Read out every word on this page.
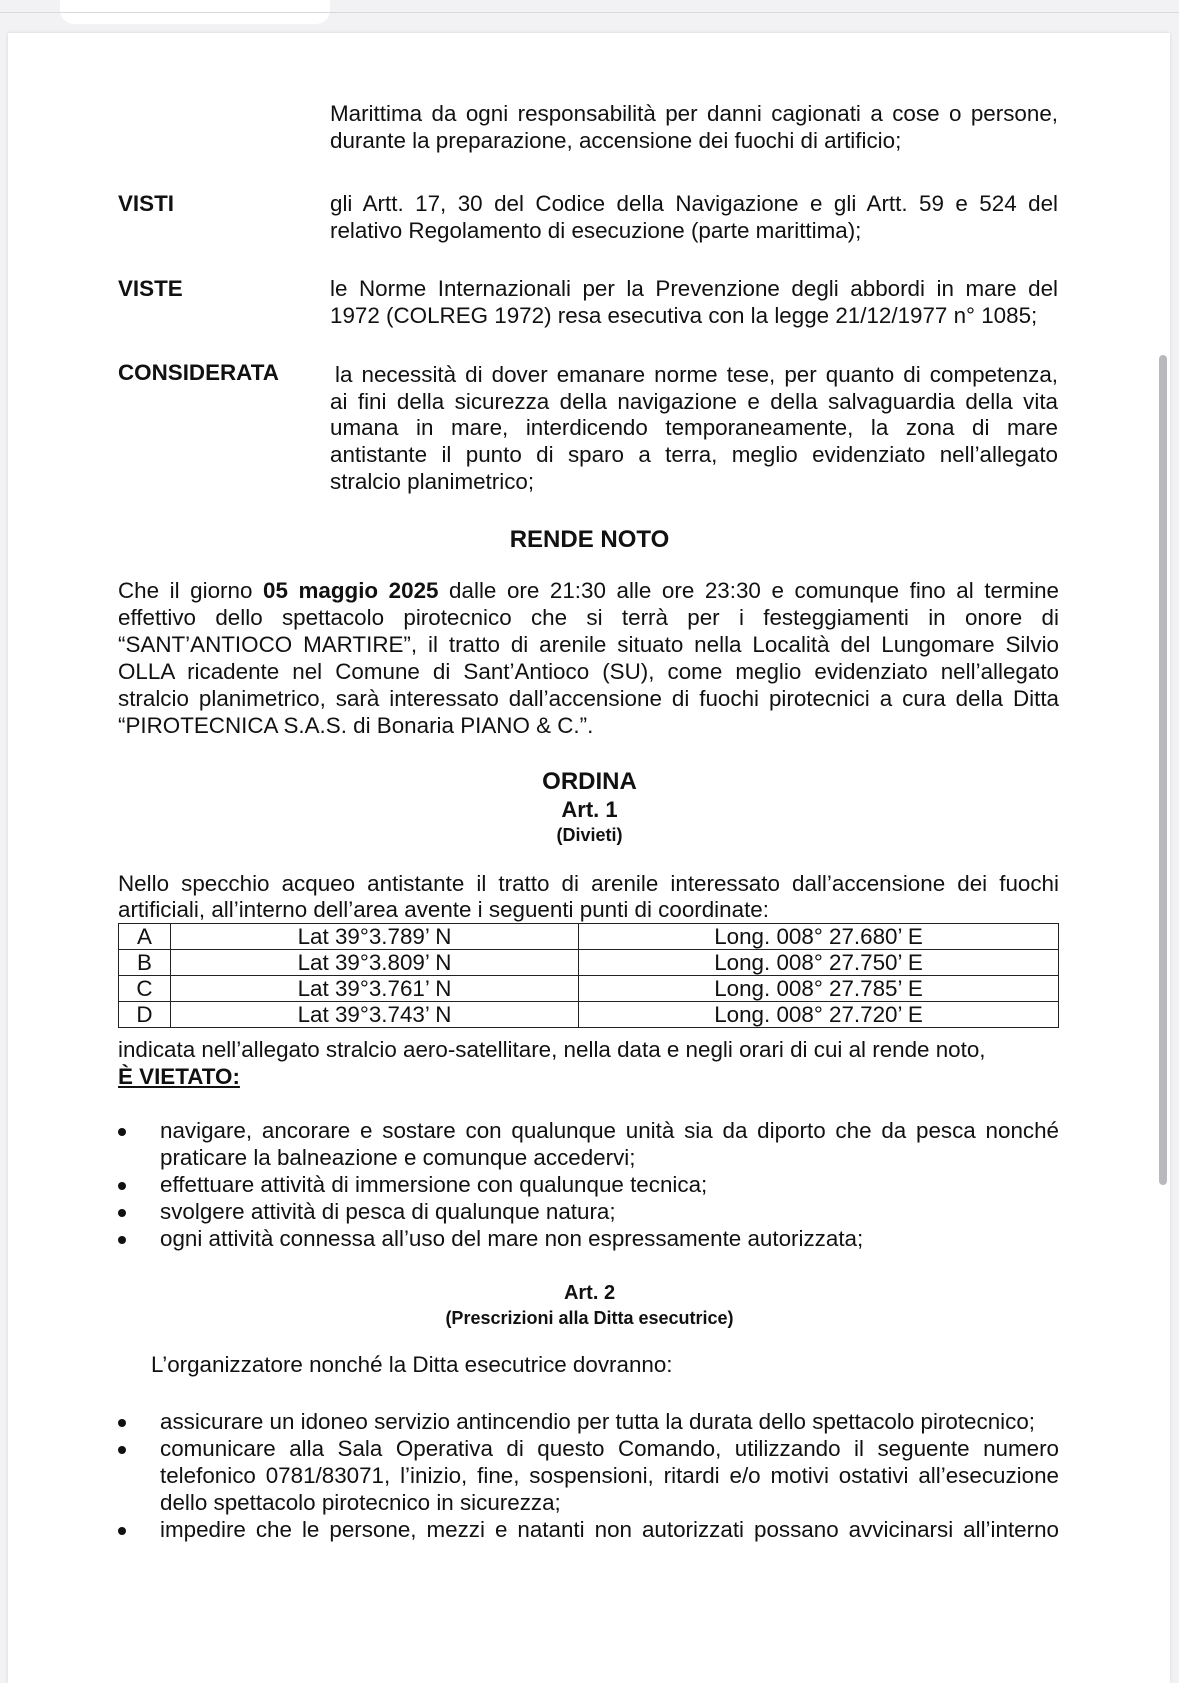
Marittima da ogni responsabilità per danni cagionati a cose o persone,

durante la preparazione, accensione dei fuochi di artificio;

VISTI	gli Artt. 17, 30 del Codice della Navigazione e gli Artt. 59 e 524 del

relativo Regolamento di esecuzione (parte marittima);

VISTE	le Norme Internazionali per la Prevenzione degli abbordi in mare del

1972 (COLREG 1972) resa esecutiva con la legge 21/12/1977 n° 1085;

CONSIDERATA	la necessità di dover emanare norme tese, per quanto di competenza,

ai fini della sicurezza della navigazione e della salvaguardia della vita

umana in mare, interdicendo temporaneamente, la zona di mare

antistante il punto di sparo a terra, meglio evidenziato nell’allegato

stralcio planimetrico;

RENDE NOTO

Che il giorno 05 maggio 2025 dalle ore 21:30 alle ore 23:30 e comunque fino al termine

effettivo dello spettacolo pirotecnico che si terrà per i festeggiamenti in onore di

“SANT’ANTIOCO MARTIRE”, il tratto di arenile situato nella Località del Lungomare Silvio

OLLA ricadente nel Comune di Sant’Antioco (SU), come meglio evidenziato nell’allegato

stralcio planimetrico, sarà interessato dall’accensione di fuochi pirotecnici a cura della Ditta

“PIROTECNICA S.A.S. di Bonaria PIANO & C.”.

ORDINA
Art. 1
(Divieti)

Nello specchio acqueo antistante il tratto di arenile interessato dall’accensione dei fuochi

artificiali, all’interno dell’area avente i seguenti punti di coordinate:

A	Lat 39°3.789’ N	Long. 008° 27.680’ E
B	Lat 39°3.809’ N	Long. 008° 27.750’ E
C	Lat 39°3.761’ N	Long. 008° 27.785’ E
D	Lat 39°3.743’ N	Long. 008° 27.720’ E

indicata nell’allegato stralcio aero-satellitare, nella data e negli orari di cui al rende noto,

È VIETATO:

navigare, ancorare e sostare con qualunque unità sia da diporto che da pesca nonché

praticare la balneazione e comunque accedervi;

effettuare attività di immersione con qualunque tecnica;

svolgere attività di pesca di qualunque natura;

ogni attività connessa all’uso del mare non espressamente autorizzata;

Art. 2
(Prescrizioni alla Ditta esecutrice)

L’organizzatore nonché la Ditta esecutrice dovranno:

assicurare un idoneo servizio antincendio per tutta la durata dello spettacolo pirotecnico;

comunicare alla Sala Operativa di questo Comando, utilizzando il seguente numero

telefonico 0781/83071, l’inizio, fine, sospensioni, ritardi e/o motivi ostativi all’esecuzione

dello spettacolo pirotecnico in sicurezza;

impedire che le persone, mezzi e natanti non autorizzati possano avvicinarsi all’interno
